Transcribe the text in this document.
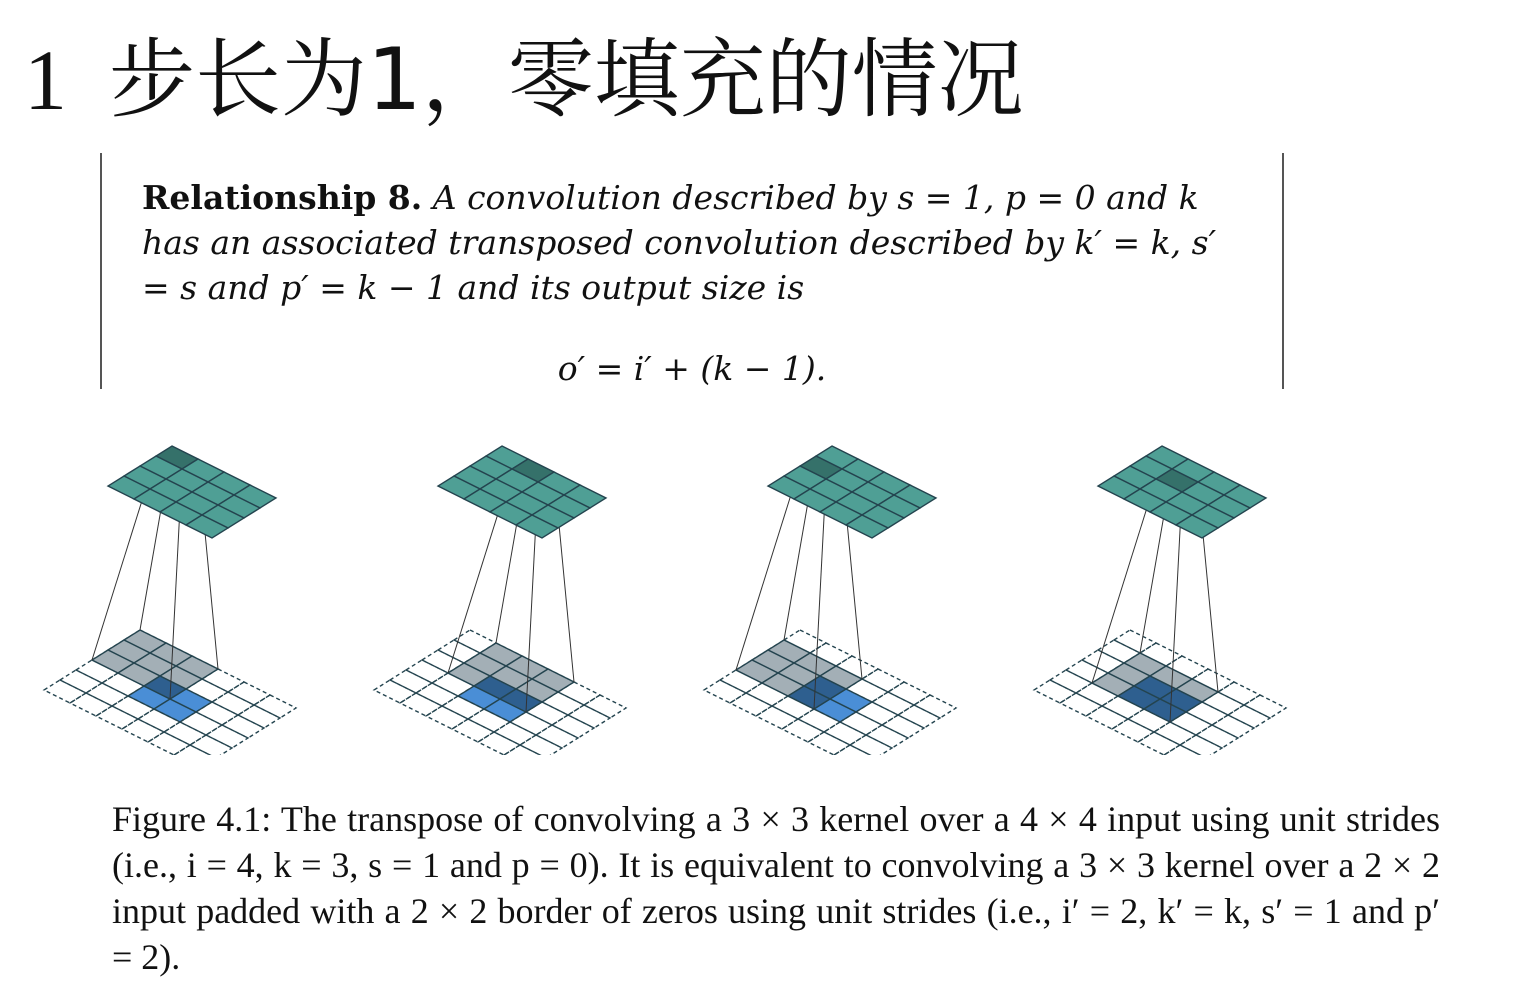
1 步长为1，零填充的情况
Relationship 8. A convolution described by s = 1, p = 0 and k has an associated transposed convolution described by k′ = k, s′ = s and p′ = k − 1 and its output size is
o′ = i′ + (k − 1).
Figure 4.1: The transpose of convolving a 3 × 3 kernel over a 4 × 4 input using unit strides (i.e., i = 4, k = 3, s = 1 and p = 0). It is equivalent to convolving a 3 × 3 kernel over a 2 × 2 input padded with a 2 × 2 border of zeros using unit strides (i.e., i′ = 2, k′ = k, s′ = 1 and p′ = 2).
